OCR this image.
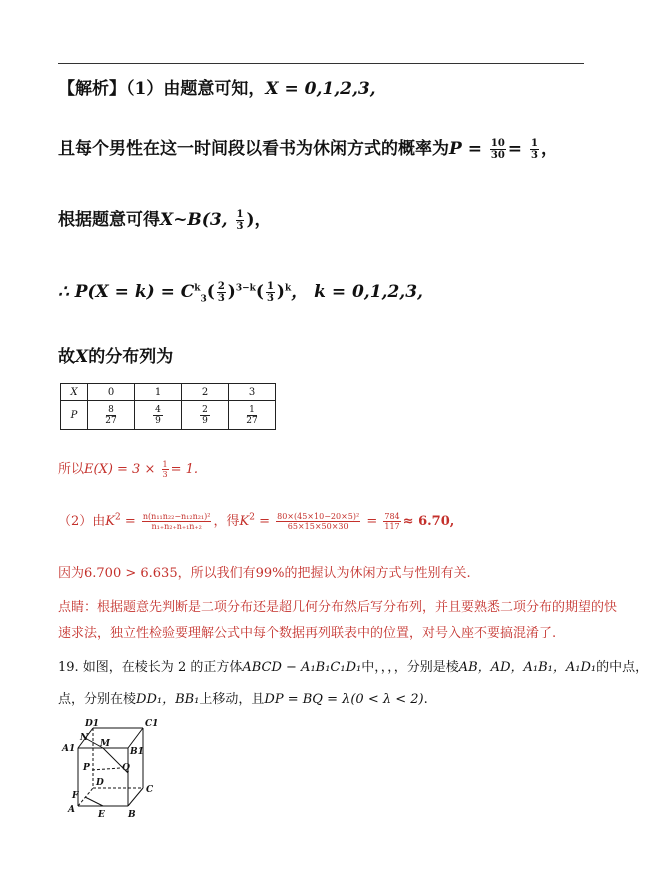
【解析】（1）由题意可知，X = 0,1,2,3,
且每个男性在这一时间段以看书为休闲方式的概率为$P = \frac{10}{30} = \frac{1}{3}$ ，
根据题意可得X~B(3, $\frac{1}{3}$ )，
∴ $P(X = k) = C^k_3( \frac{2}{3} )^{3-k}( \frac{1}{3} )^k$， k = 0,1,2,3,
故X的分布列为
X	0	1	2	3
P	$\frac{8}{27}$	$\frac{4}{9}$	$\frac{2}{9}$	$\frac{1}{27}$
所以$E(X) = 3 \times \frac{1}{3} = 1$.
（2）由$K^2 = \frac{\text{n(n₁₁n₂₂−n₁₂n₂₁)²}}{\text{n₁₊n₂₊n₊₁n₊₂}}$ ，得$K^2 = \frac{\text{80×(45×10−20×5)²}}{65\times 15\times 50\times 30} = \frac{784}{117} \approx 6.70$,
因为6.700 > 6.635，所以我们有99%的把握认为休闲方式与性别有关.
点睛：根据题意先判断是二项分布还是超几何分布然后写分布列，并且要熟悉二项分布的期望的快
速求法，独立性检验要理解公式中每个数据再列联表中的位置，对号入座不要搞混淆了.
19. 如图，在棱长为 2 的正方体ABCD − A₁B₁C₁D₁中，，，，分别是棱AB，AD，A₁B₁，A₁D₁的中点，
点，分别在棱DD₁，BB₁上移动，且DP = BQ = λ(0 < λ < 2).
D1	C1
A1
N
M
B1
P	Q
D
C
F
A	E	B
